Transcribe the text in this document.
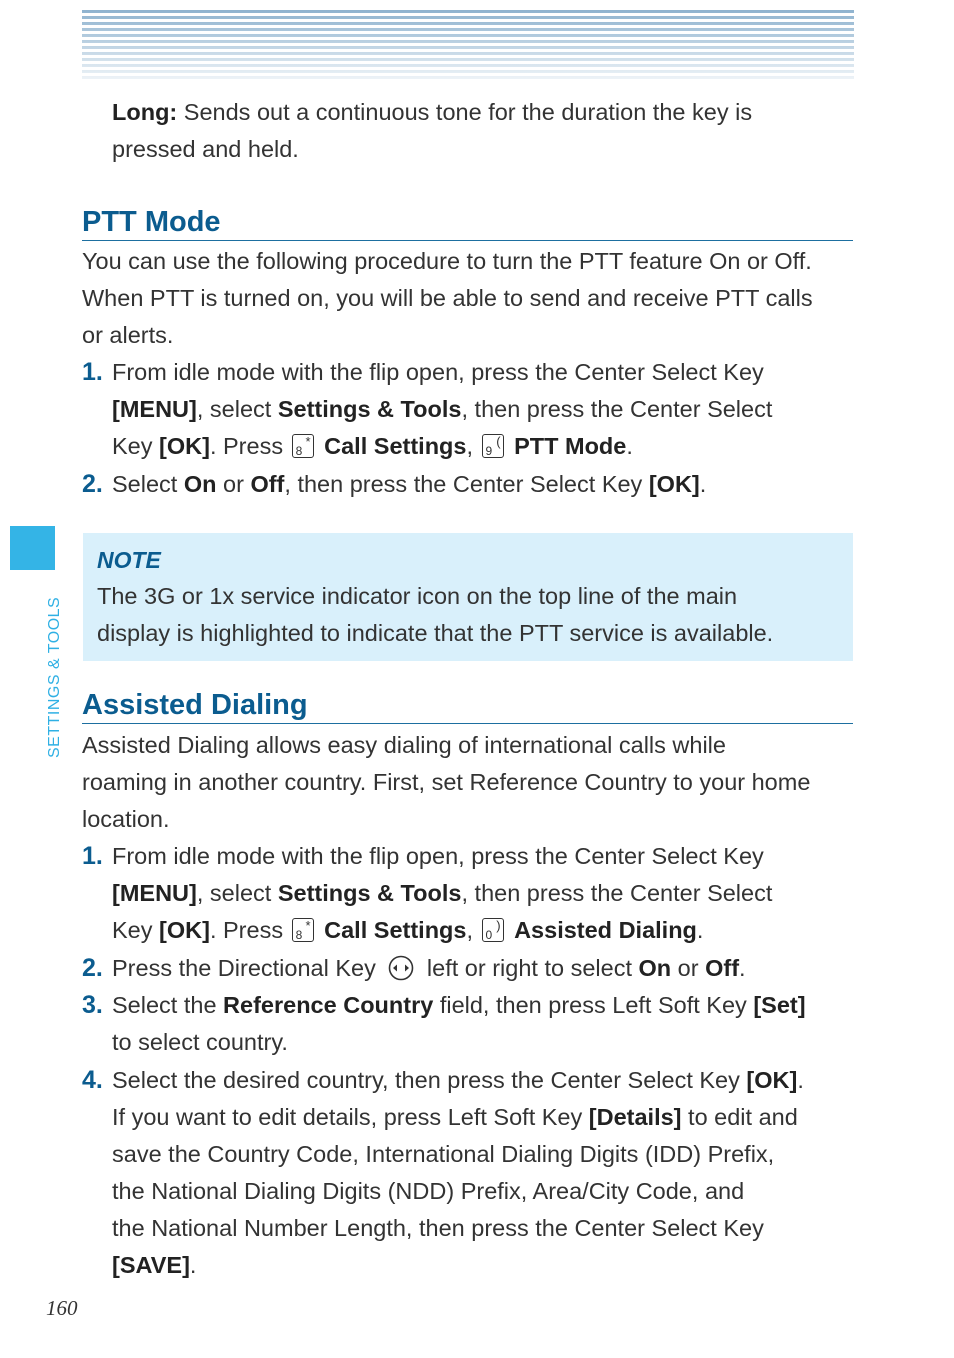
SETTINGS & TOOLS

Long: Sends out a continuous tone for the duration the key is
pressed and held.

PTT Mode

You can use the following procedure to turn the PTT feature On or Off.
When PTT is turned on, you will be able to send and receive PTT calls
or alerts.

1. From idle mode with the flip open, press the Center Select Key
[MENU], select Settings & Tools, then press the Center Select
Key [OK]. Press 8
* Call Settings, 9
( PTT Mode.

2. Select On or Off, then press the Center Select Key [OK].

NOTE

The 3G or 1x service indicator icon on the top line of the main
display is highlighted to indicate that the PTT service is available.

Assisted Dialing

Assisted Dialing allows easy dialing of international calls while
roaming in another country. First, set Reference Country to your home
location.

1. From idle mode with the flip open, press the Center Select Key
[MENU], select Settings & Tools, then press the Center Select
Key [OK]. Press 8
* Call Settings, 0
) Assisted Dialing.

2. Press the Directional Key  left or right to select On or Off.

3. Select the Reference Country field, then press Left Soft Key [Set]
to select country.

4. Select the desired country, then press the Center Select Key [OK].
If you want to edit details, press Left Soft Key [Details] to edit and
save the Country Code, International Dialing Digits (IDD) Prefix,
the National Dialing Digits (NDD) Prefix, Area/City Code, and
the National Number Length, then press the Center Select Key
[SAVE].

160
